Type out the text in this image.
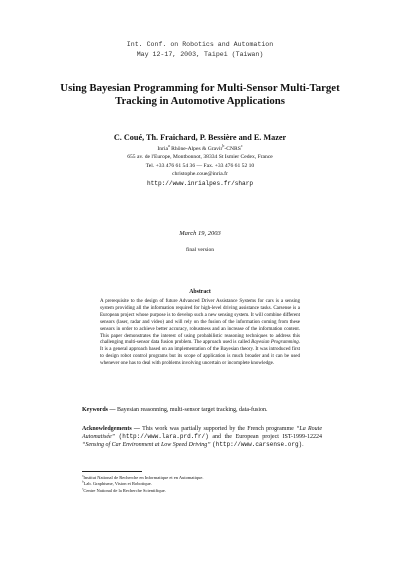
Int. Conf. on Robotics and Automation
May 12-17, 2003, Taipei (Taiwan)
Using Bayesian Programming for Multi-Sensor Multi-Target
Tracking in Automotive Applications
C. Coué, Th. Fraichard, P. Bessière and E. Mazer
Inria$^a$ Rhône-Alpes & Gravir$^b$-CNRS$^c$
655 av. de l'Europe, Montbonnot, 38334 St Ismier Cedex, France
Tel. +33 476 61 54 36 — Fax. +33 476 61 52 10
christophe.coue@inria.fr
http://www.inrialpes.fr/sharp
March 19, 2003
final version
Abstract
A prerequisite to the design of future Advanced Driver Assistance Systems for cars is a sensing system providing all the information required for high-level driving assistance tasks. Carsense is a European project whose purpose is to develop such a new sensing system. It will combine different sensors (laser, radar and video) and will rely on the fusion of the information coming from these sensors in order to achieve better accuracy, robustness and an increase of the information content. This paper demonstrates the interest of using probabilistic reasoning techniques to address this challenging multi-sensor data fusion problem. The approach used is called Bayesian Programming. It is a general approach based on an implementation of the Bayesian theory. It was introduced first to design robot control programs but its scope of application is much broader and it can be used whenever one has to deal with problems involving uncertain or incomplete knowledge.
Keywords — Bayesian reasonning, multi-sensor target tracking, data-fusion.
Acknowledgements — This work was partially supported by the French programme “La Route Automatisée” (http://www.lara.prd.fr/) and the European project IST-1999-12224 “Sensing of Car Environment at Low Speed Driving” (http://www.carsense.org).
$^a$Institut National de Recherche en Informatique et en Automatique.
$^b$Lab. Graphisme, Vision et Robotique.
$^c$Centre National de la Recherche Scientifique.
